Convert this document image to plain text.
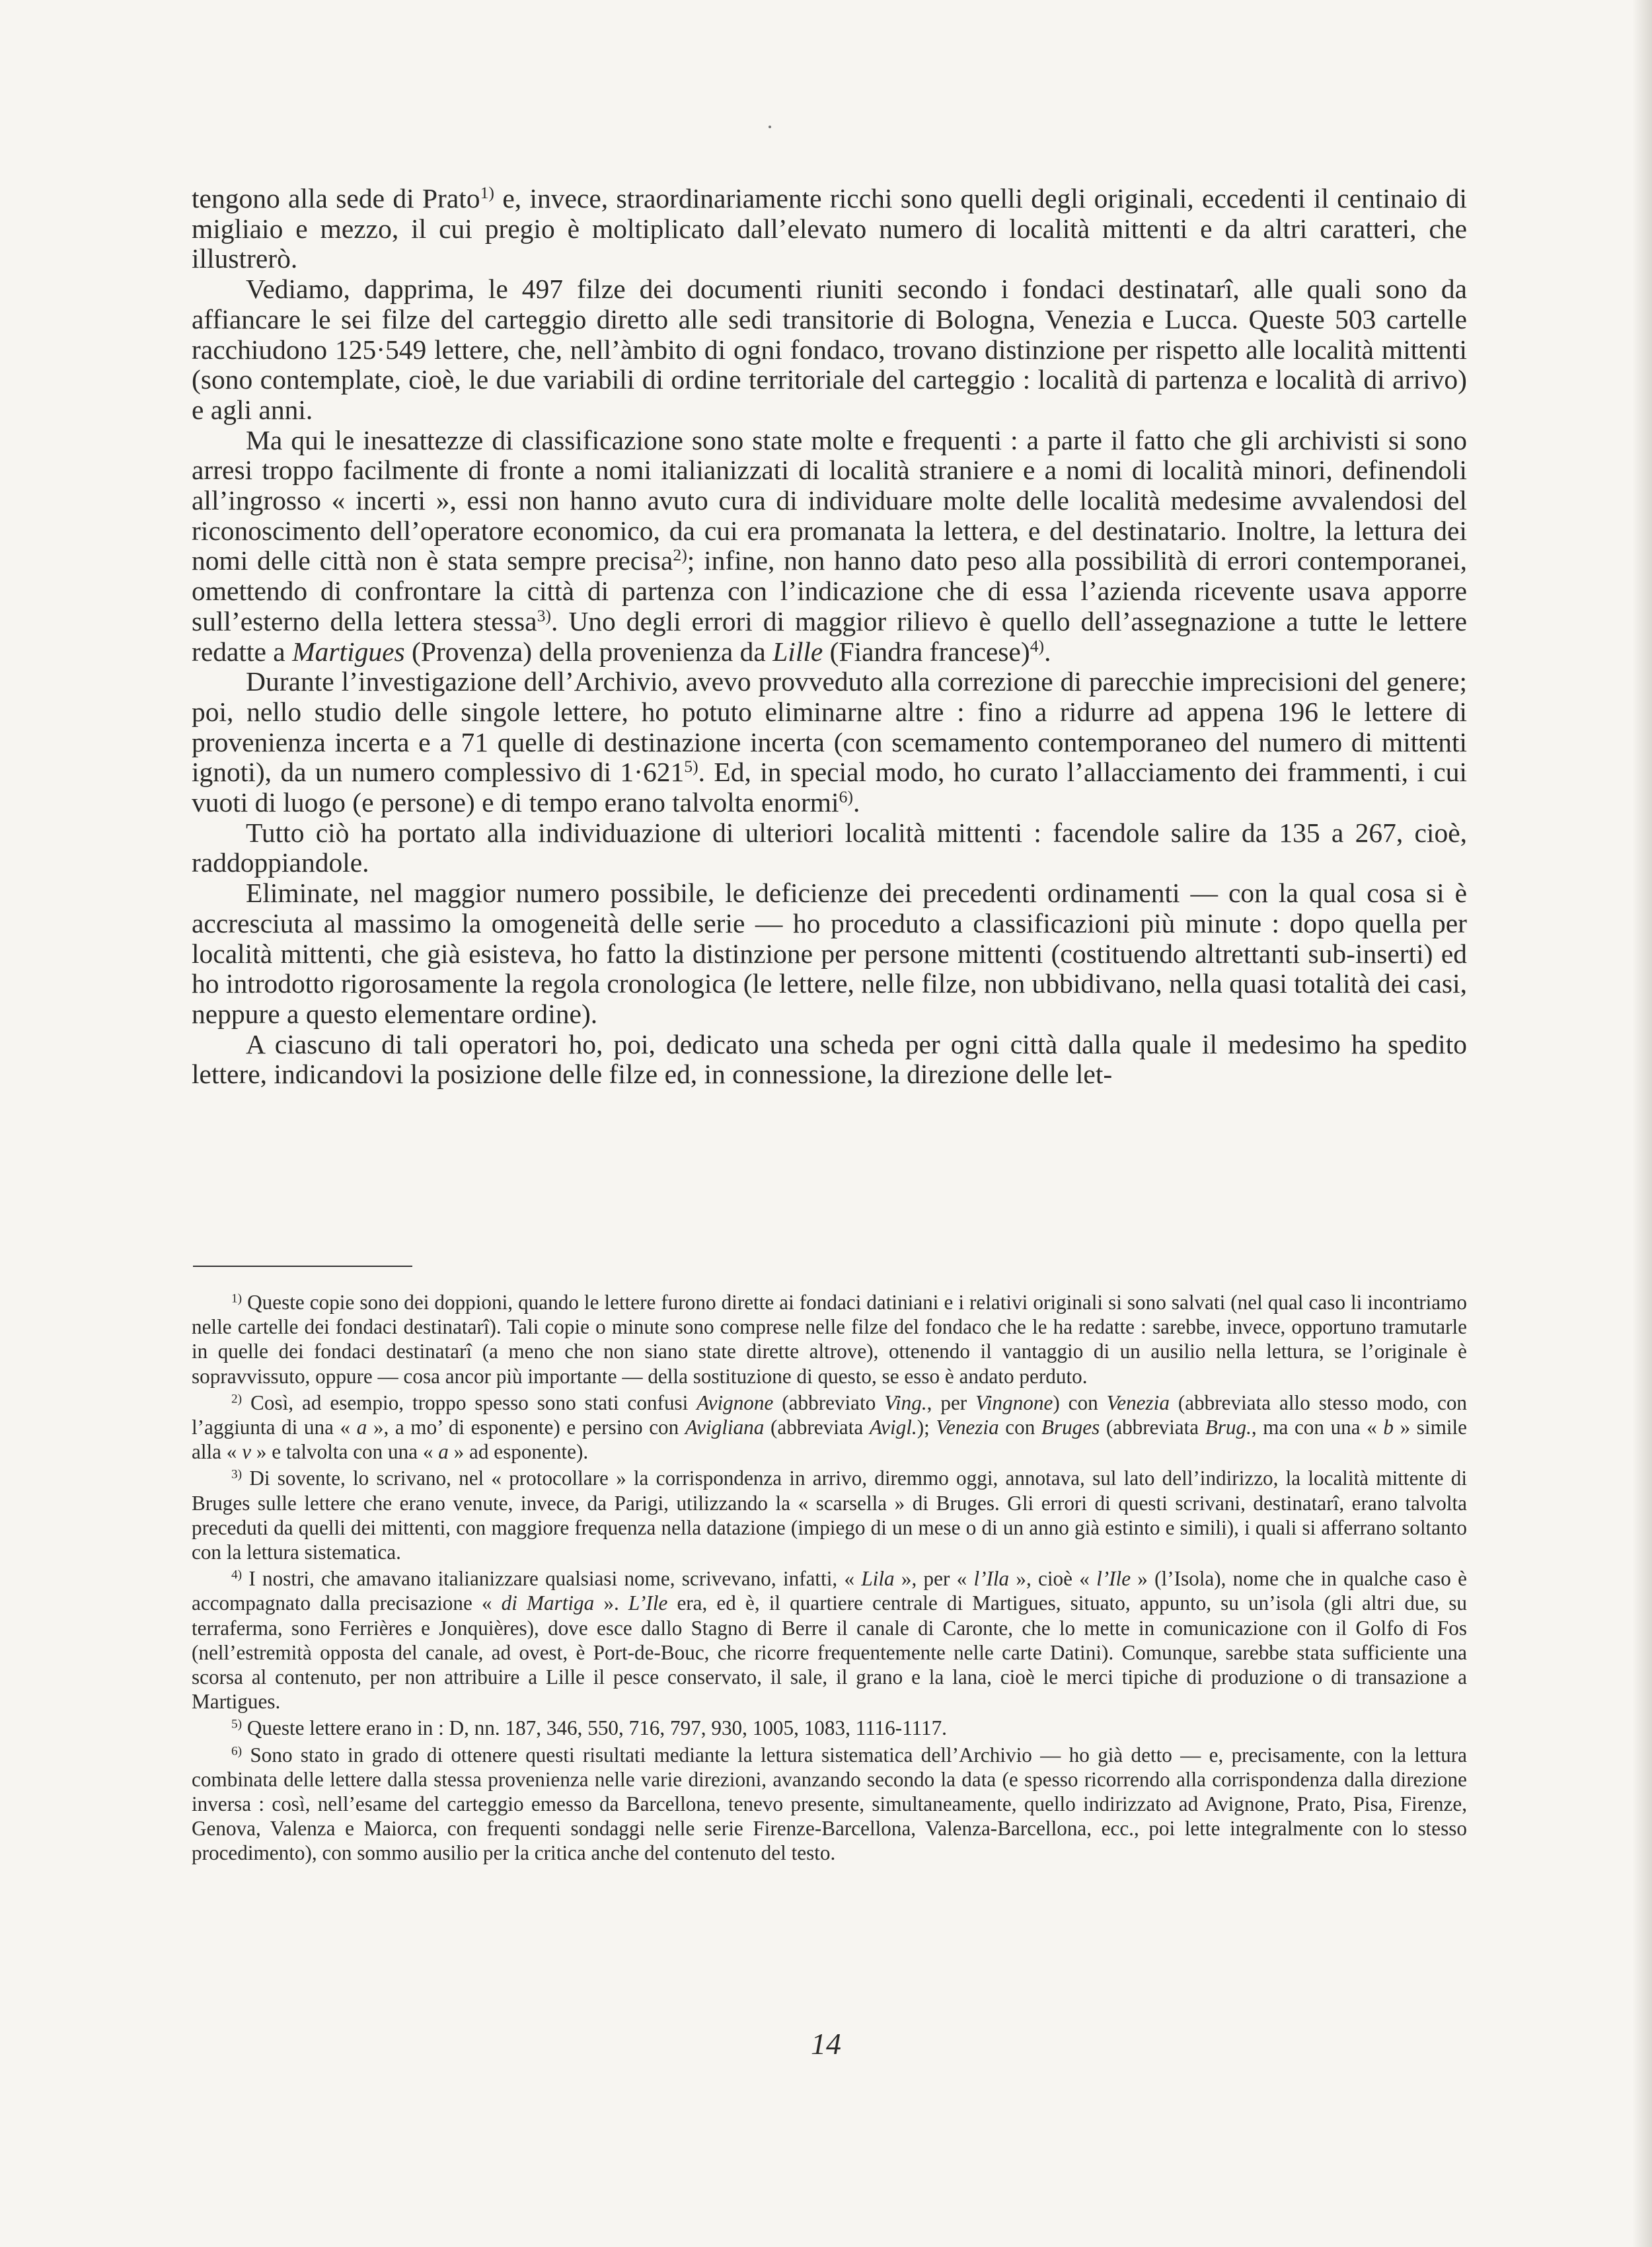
tengono alla sede di Prato$^{1)}$ e, invece, straordinariamente ricchi sono quelli degli originali, eccedenti il centinaio di migliaio e mezzo, il cui pregio è moltiplicato dall’elevato numero di località mittenti e da altri caratteri, che illustrerò.

Vediamo, dapprima, le 497 filze dei documenti riuniti secondo i fondaci destinatarî, alle quali sono da affiancare le sei filze del carteggio diretto alle sedi transitorie di Bologna, Venezia e Lucca. Queste 503 cartelle racchiudono 125·549 lettere, che, nell’àmbito di ogni fondaco, trovano distinzione per rispetto alle località mittenti (sono contemplate, cioè, le due variabili di ordine territoriale del carteggio : località di partenza e località di arrivo) e agli anni.

Ma qui le inesattezze di classificazione sono state molte e frequenti : a parte il fatto che gli archivisti si sono arresi troppo facilmente di fronte a nomi italianizzati di località straniere e a nomi di località minori, definendoli all’ingrosso « incerti », essi non hanno avuto cura di individuare molte delle località medesime avvalendosi del riconoscimento dell’operatore economico, da cui era promanata la lettera, e del destinatario. Inoltre, la lettura dei nomi delle città non è stata sempre precisa$^{2)}$; infine, non hanno dato peso alla possibilità di errori contemporanei, omettendo di confrontare la città di partenza con l’indicazione che di essa l’azienda ricevente usava apporre sull’esterno della lettera stessa$^{3)}$. Uno degli errori di maggior rilievo è quello dell’assegnazione a tutte le lettere redatte a Martigues (Provenza) della provenienza da Lille (Fiandra francese)$^{4)}$.

Durante l’investigazione dell’Archivio, avevo provveduto alla correzione di parecchie imprecisioni del genere; poi, nello studio delle singole lettere, ho potuto eliminarne altre : fino a ridurre ad appena 196 le lettere di provenienza incerta e a 71 quelle di destinazione incerta (con scemamento contemporaneo del numero di mittenti ignoti), da un numero complessivo di $1\cdot 621^{5)}$. Ed, in special modo, ho curato l’allacciamento dei frammenti, i cui vuoti di luogo (e persone) e di tempo erano talvolta enormi$^{6)}$.

Tutto ciò ha portato alla individuazione di ulteriori località mittenti : facendole salire da 135 a 267, cioè, raddoppiandole.

Eliminate, nel maggior numero possibile, le deficienze dei precedenti ordinamenti — con la qual cosa si è accresciuta al massimo la omogeneità delle serie — ho proceduto a classificazioni più minute : dopo quella per località mittenti, che già esisteva, ho fatto la distinzione per persone mittenti (costituendo altrettanti sub-inserti) ed ho introdotto rigorosamente la regola cronologica (le lettere, nelle filze, non ubbidivano, nella quasi totalità dei casi, neppure a questo elementare ordine).

A ciascuno di tali operatori ho, poi, dedicato una scheda per ogni città dalla quale il medesimo ha spedito lettere, indicandovi la posizione delle filze ed, in connessione, la direzione delle let-

$^{1)}$ Queste copie sono dei doppioni, quando le lettere furono dirette ai fondaci datiniani e i relativi originali si sono salvati (nel qual caso li incontriamo nelle cartelle dei fondaci destinatarî). Tali copie o minute sono comprese nelle filze del fondaco che le ha redatte : sarebbe, invece, opportuno tramutarle in quelle dei fondaci destinatarî (a meno che non siano state dirette altrove), ottenendo il vantaggio di un ausilio nella lettura, se l’originale è sopravvissuto, oppure — cosa ancor più importante — della sostituzione di questo, se esso è andato perduto.

$^{2)}$ Così, ad esempio, troppo spesso sono stati confusi Avignone (abbreviato Ving., per Vingnone) con Venezia (abbreviata allo stesso modo, con l’aggiunta di una « a », a mo’ di esponente) e persino con Avigliana (abbreviata Avigl.); Venezia con Bruges (abbreviata Brug., ma con una « b » simile alla « v » e talvolta con una « a » ad esponente).

$^{3)}$ Di sovente, lo scrivano, nel « protocollare » la corrispondenza in arrivo, diremmo oggi, annotava, sul lato dell’indirizzo, la località mittente di Bruges sulle lettere che erano venute, invece, da Parigi, utilizzando la « scarsella » di Bruges. Gli errori di questi scrivani, destinatarî, erano talvolta preceduti da quelli dei mittenti, con maggiore frequenza nella datazione (impiego di un mese o di un anno già estinto e simili), i quali si afferrano soltanto con la lettura sistematica.

$^{4)}$ I nostri, che amavano italianizzare qualsiasi nome, scrivevano, infatti, « Lila », per « l’Ila », cioè « l’Ile » (l’Isola), nome che in qualche caso è accompagnato dalla precisazione « di Martiga ». L’Ile era, ed è, il quartiere centrale di Martigues, situato, appunto, su un’isola (gli altri due, su terraferma, sono Ferrières e Jonquières), dove esce dallo Stagno di Berre il canale di Caronte, che lo mette in comunicazione con il Golfo di Fos (nell’estremità opposta del canale, ad ovest, è Port-de-Bouc, che ricorre frequentemente nelle carte Datini). Comunque, sarebbe stata sufficiente una scorsa al contenuto, per non attribuire a Lille il pesce conservato, il sale, il grano e la lana, cioè le merci tipiche di produzione o di transazione a Martigues.

$^{5)}$ Queste lettere erano in : D, nn. 187, 346, 550, 716, 797, 930, 1005, 1083, 1116-1117.

$^{6)}$ Sono stato in grado di ottenere questi risultati mediante la lettura sistematica dell’Archivio — ho già detto — e, precisamente, con la lettura combinata delle lettere dalla stessa provenienza nelle varie direzioni, avanzando secondo la data (e spesso ricorrendo alla corrispondenza dalla direzione inversa : così, nell’esame del carteggio emesso da Barcellona, tenevo presente, simultaneamente, quello indirizzato ad Avignone, Prato, Pisa, Firenze, Genova, Valenza e Maiorca, con frequenti sondaggi nelle serie Firenze-Barcellona, Valenza-Barcellona, ecc., poi lette integralmente con lo stesso procedimento), con sommo ausilio per la critica anche del contenuto del testo.

14
